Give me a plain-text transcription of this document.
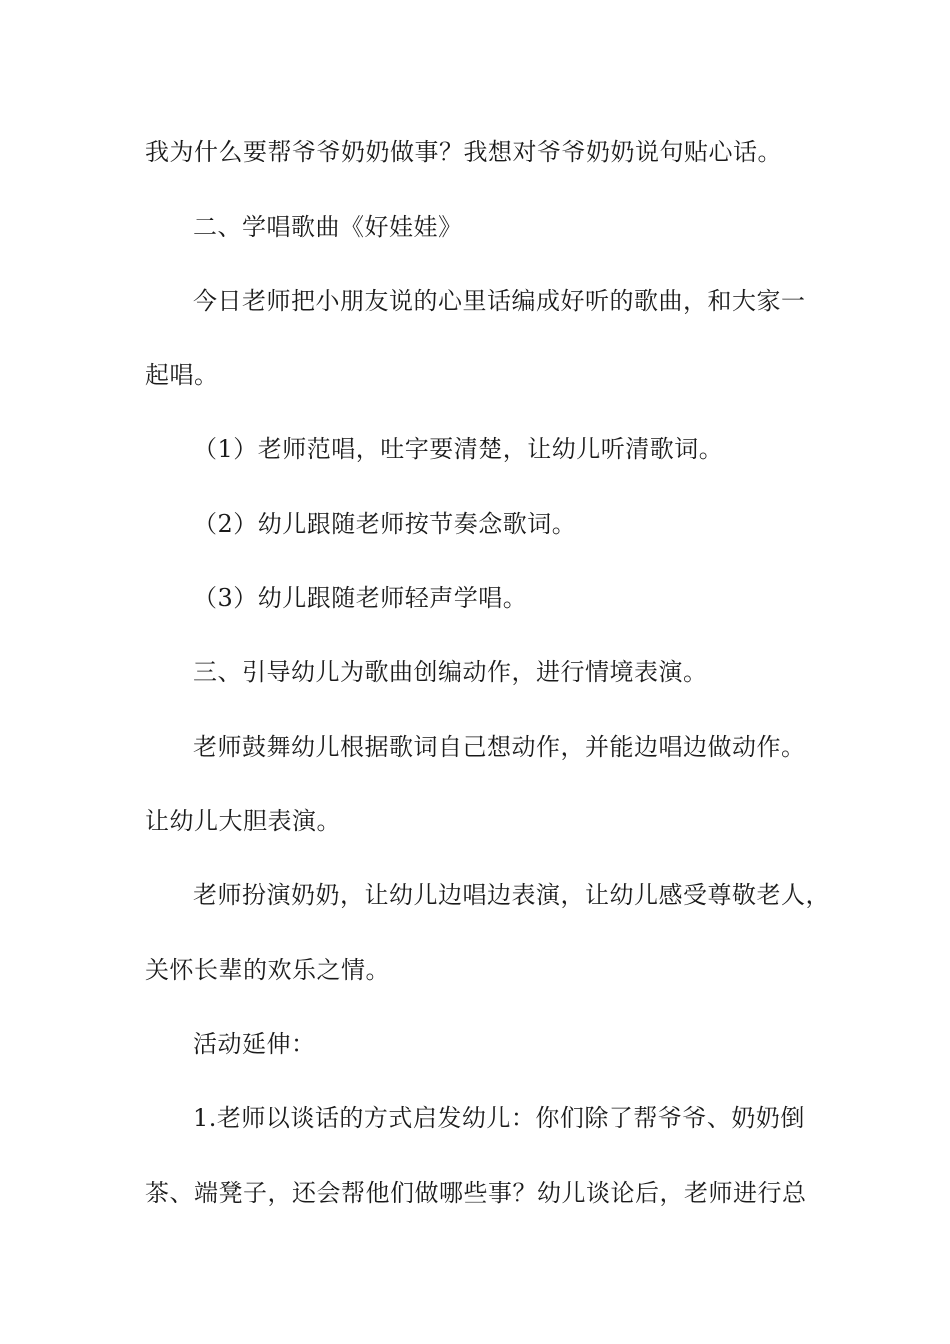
我为什么要帮爷爷奶奶做事？我想对爷爷奶奶说句贴心话。
二、学唱歌曲《好娃娃》
今日老师把小朋友说的心里话编成好听的歌曲，和大家一
起唱。
（1）老师范唱，吐字要清楚，让幼儿听清歌词。
（2）幼儿跟随老师按节奏念歌词。
（3）幼儿跟随老师轻声学唱。
三、引导幼儿为歌曲创编动作，进行情境表演。
老师鼓舞幼儿根据歌词自己想动作，并能边唱边做动作。
让幼儿大胆表演。
老师扮演奶奶，让幼儿边唱边表演，让幼儿感受尊敬老人，
关怀长辈的欢乐之情。
活动延伸：
1.老师以谈话的方式启发幼儿：你们除了帮爷爷、奶奶倒
茶、端凳子，还会帮他们做哪些事？幼儿谈论后，老师进行总
